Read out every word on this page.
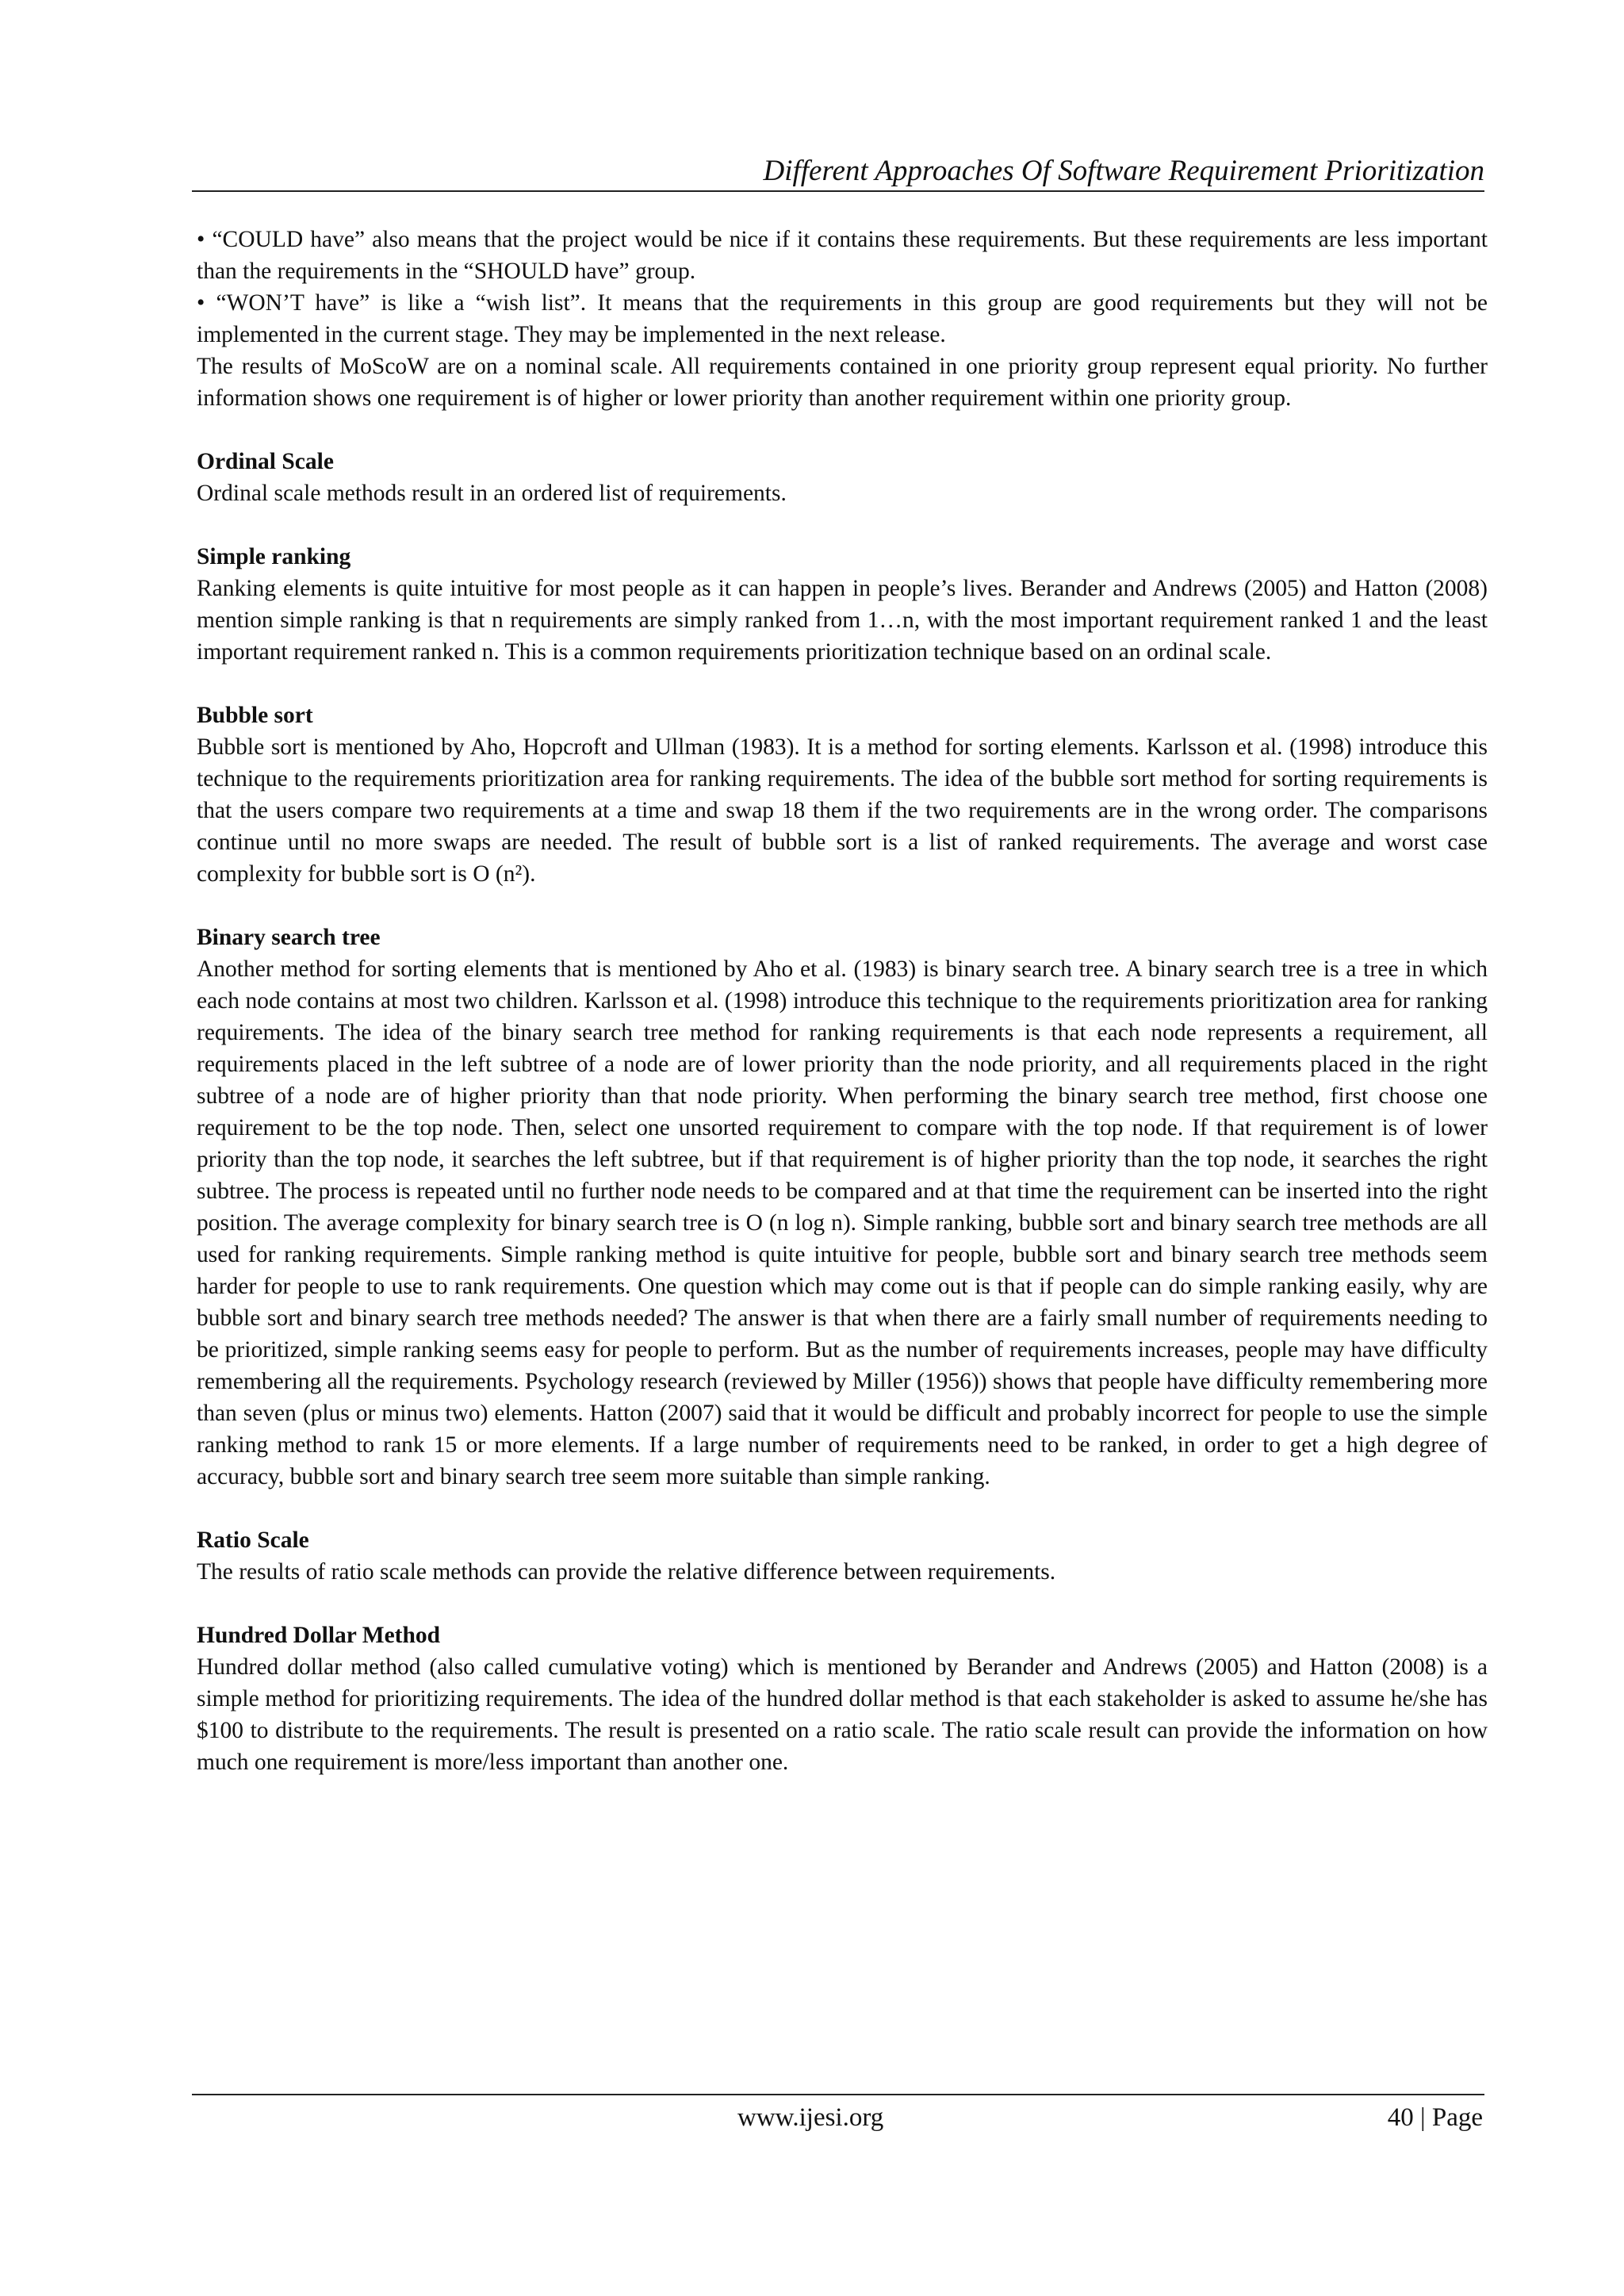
Different Approaches Of Software Requirement Prioritization

• “COULD have” also means that the project would be nice if it contains these requirements. But these requirements are less important than the requirements in the “SHOULD have” group.

• “WON’T have” is like a “wish list”. It means that the requirements in this group are good requirements but they will not be implemented in the current stage. They may be implemented in the next release.

The results of MoScoW are on a nominal scale. All requirements contained in one priority group represent equal priority. No further information shows one requirement is of higher or lower priority than another requirement within one priority group.

Ordinal Scale

Ordinal scale methods result in an ordered list of requirements.

Simple ranking

Ranking elements is quite intuitive for most people as it can happen in people’s lives. Berander and Andrews (2005) and Hatton (2008) mention simple ranking is that n requirements are simply ranked from 1…n, with the most important requirement ranked 1 and the least important requirement ranked n. This is a common requirements prioritization technique based on an ordinal scale.

Bubble sort

Bubble sort is mentioned by Aho, Hopcroft and Ullman (1983). It is a method for sorting elements. Karlsson et al. (1998) introduce this technique to the requirements prioritization area for ranking requirements. The idea of the bubble sort method for sorting requirements is that the users compare two requirements at a time and swap 18 them if the two requirements are in the wrong order. The comparisons continue until no more swaps are needed. The result of bubble sort is a list of ranked requirements. The average and worst case complexity for bubble sort is O (n²).

Binary search tree

Another method for sorting elements that is mentioned by Aho et al. (1983) is binary search tree. A binary search tree is a tree in which each node contains at most two children. Karlsson et al. (1998) introduce this technique to the requirements prioritization area for ranking requirements. The idea of the binary search tree method for ranking requirements is that each node represents a requirement, all requirements placed in the left subtree of a node are of lower priority than the node priority, and all requirements placed in the right subtree of a node are of higher priority than that node priority. When performing the binary search tree method, first choose one requirement to be the top node. Then, select one unsorted requirement to compare with the top node. If that requirement is of lower priority than the top node, it searches the left subtree, but if that requirement is of higher priority than the top node, it searches the right subtree. The process is repeated until no further node needs to be compared and at that time the requirement can be inserted into the right position. The average complexity for binary search tree is O (n log n). Simple ranking, bubble sort and binary search tree methods are all used for ranking requirements. Simple ranking method is quite intuitive for people, bubble sort and binary search tree methods seem harder for people to use to rank requirements. One question which may come out is that if people can do simple ranking easily, why are bubble sort and binary search tree methods needed? The answer is that when there are a fairly small number of requirements needing to be prioritized, simple ranking seems easy for people to perform. But as the number of requirements increases, people may have difficulty remembering all the requirements. Psychology research (reviewed by Miller (1956)) shows that people have difficulty remembering more than seven (plus or minus two) elements. Hatton (2007) said that it would be difficult and probably incorrect for people to use the simple ranking method to rank 15 or more elements. If a large number of requirements need to be ranked, in order to get a high degree of accuracy, bubble sort and binary search tree seem more suitable than simple ranking.

Ratio Scale

The results of ratio scale methods can provide the relative difference between requirements.

Hundred Dollar Method

Hundred dollar method (also called cumulative voting) which is mentioned by Berander and Andrews (2005) and Hatton (2008) is a simple method for prioritizing requirements. The idea of the hundred dollar method is that each stakeholder is asked to assume he/she has $100 to distribute to the requirements. The result is presented on a ratio scale. The ratio scale result can provide the information on how much one requirement is more/less important than another one.

www.ijesi.org	40 | Page
